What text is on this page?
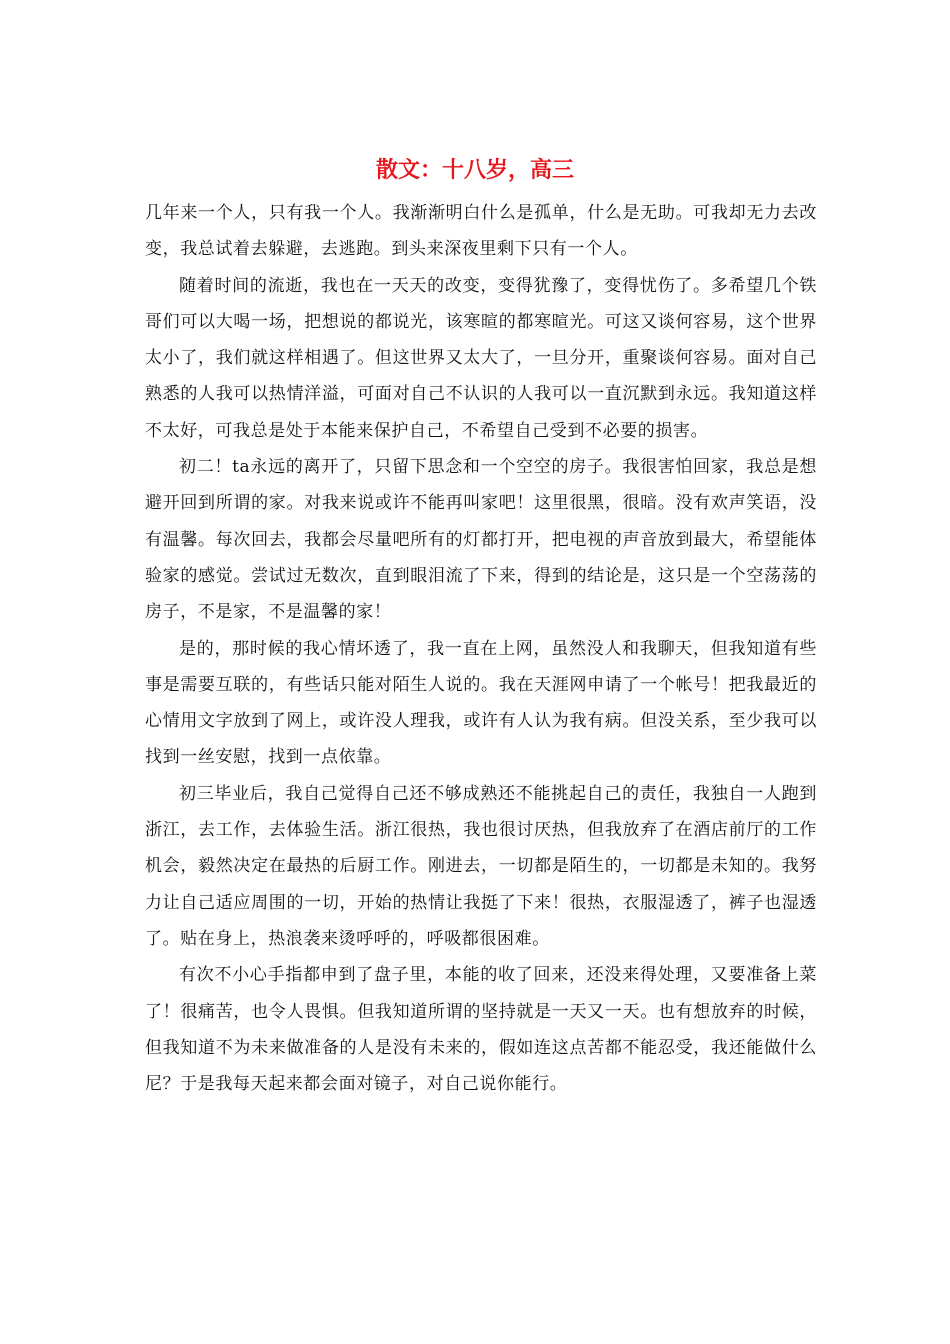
散文：十八岁，高三

几年来一个人，只有我一个人。我渐渐明白什么是孤单，什么是无助。可我却无力去改变，我总试着去躲避，去逃跑。到头来深夜里剩下只有一个人。

随着时间的流逝，我也在一天天的改变，变得犹豫了，变得忧伤了。多希望几个铁哥们可以大喝一场，把想说的都说光，该寒暄的都寒暄光。可这又谈何容易，这个世界太小了，我们就这样相遇了。但这世界又太大了，一旦分开，重聚谈何容易。面对自己熟悉的人我可以热情洋溢，可面对自己不认识的人我可以一直沉默到永远。我知道这样不太好，可我总是处于本能来保护自己，不希望自己受到不必要的损害。

初二！ta永远的离开了，只留下思念和一个空空的房子。我很害怕回家，我总是想避开回到所谓的家。对我来说或许不能再叫家吧！这里很黑，很暗。没有欢声笑语，没有温馨。每次回去，我都会尽量吧所有的灯都打开，把电视的声音放到最大，希望能体验家的感觉。尝试过无数次，直到眼泪流了下来，得到的结论是，这只是一个空荡荡的房子，不是家，不是温馨的家！

是的，那时候的我心情坏透了，我一直在上网，虽然没人和我聊天，但我知道有些事是需要互联的，有些话只能对陌生人说的。我在天涯网申请了一个帐号！把我最近的心情用文字放到了网上，或许没人理我，或许有人认为我有病。但没关系，至少我可以找到一丝安慰，找到一点依靠。

初三毕业后，我自己觉得自己还不够成熟还不能挑起自己的责任，我独自一人跑到浙江，去工作，去体验生活。浙江很热，我也很讨厌热，但我放弃了在酒店前厅的工作机会，毅然决定在最热的后厨工作。刚进去，一切都是陌生的，一切都是未知的。我努力让自己适应周围的一切，开始的热情让我挺了下来！很热，衣服湿透了，裤子也湿透了。贴在身上，热浪袭来烫呼呼的，呼吸都很困难。

有次不小心手指都申到了盘子里，本能的收了回来，还没来得处理，又要准备上菜了！很痛苦，也令人畏惧。但我知道所谓的坚持就是一天又一天。也有想放弃的时候，但我知道不为未来做准备的人是没有未来的，假如连这点苦都不能忍受，我还能做什么尼？于是我每天起来都会面对镜子，对自己说你能行。
